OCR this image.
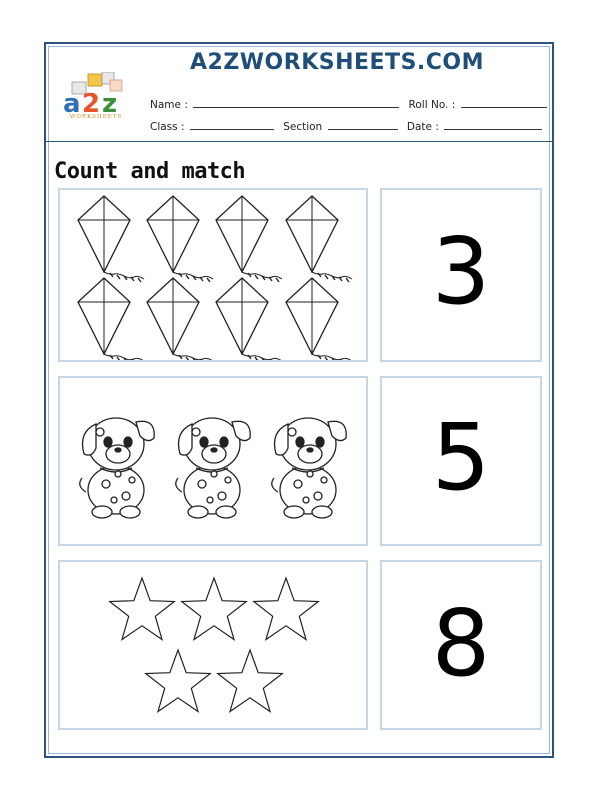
a 2 z
WORKSHEETS
A2ZWORKSHEETS.COM
Name :	Roll No. :
Class :	Section	Date :
Count and match
3
5
8
